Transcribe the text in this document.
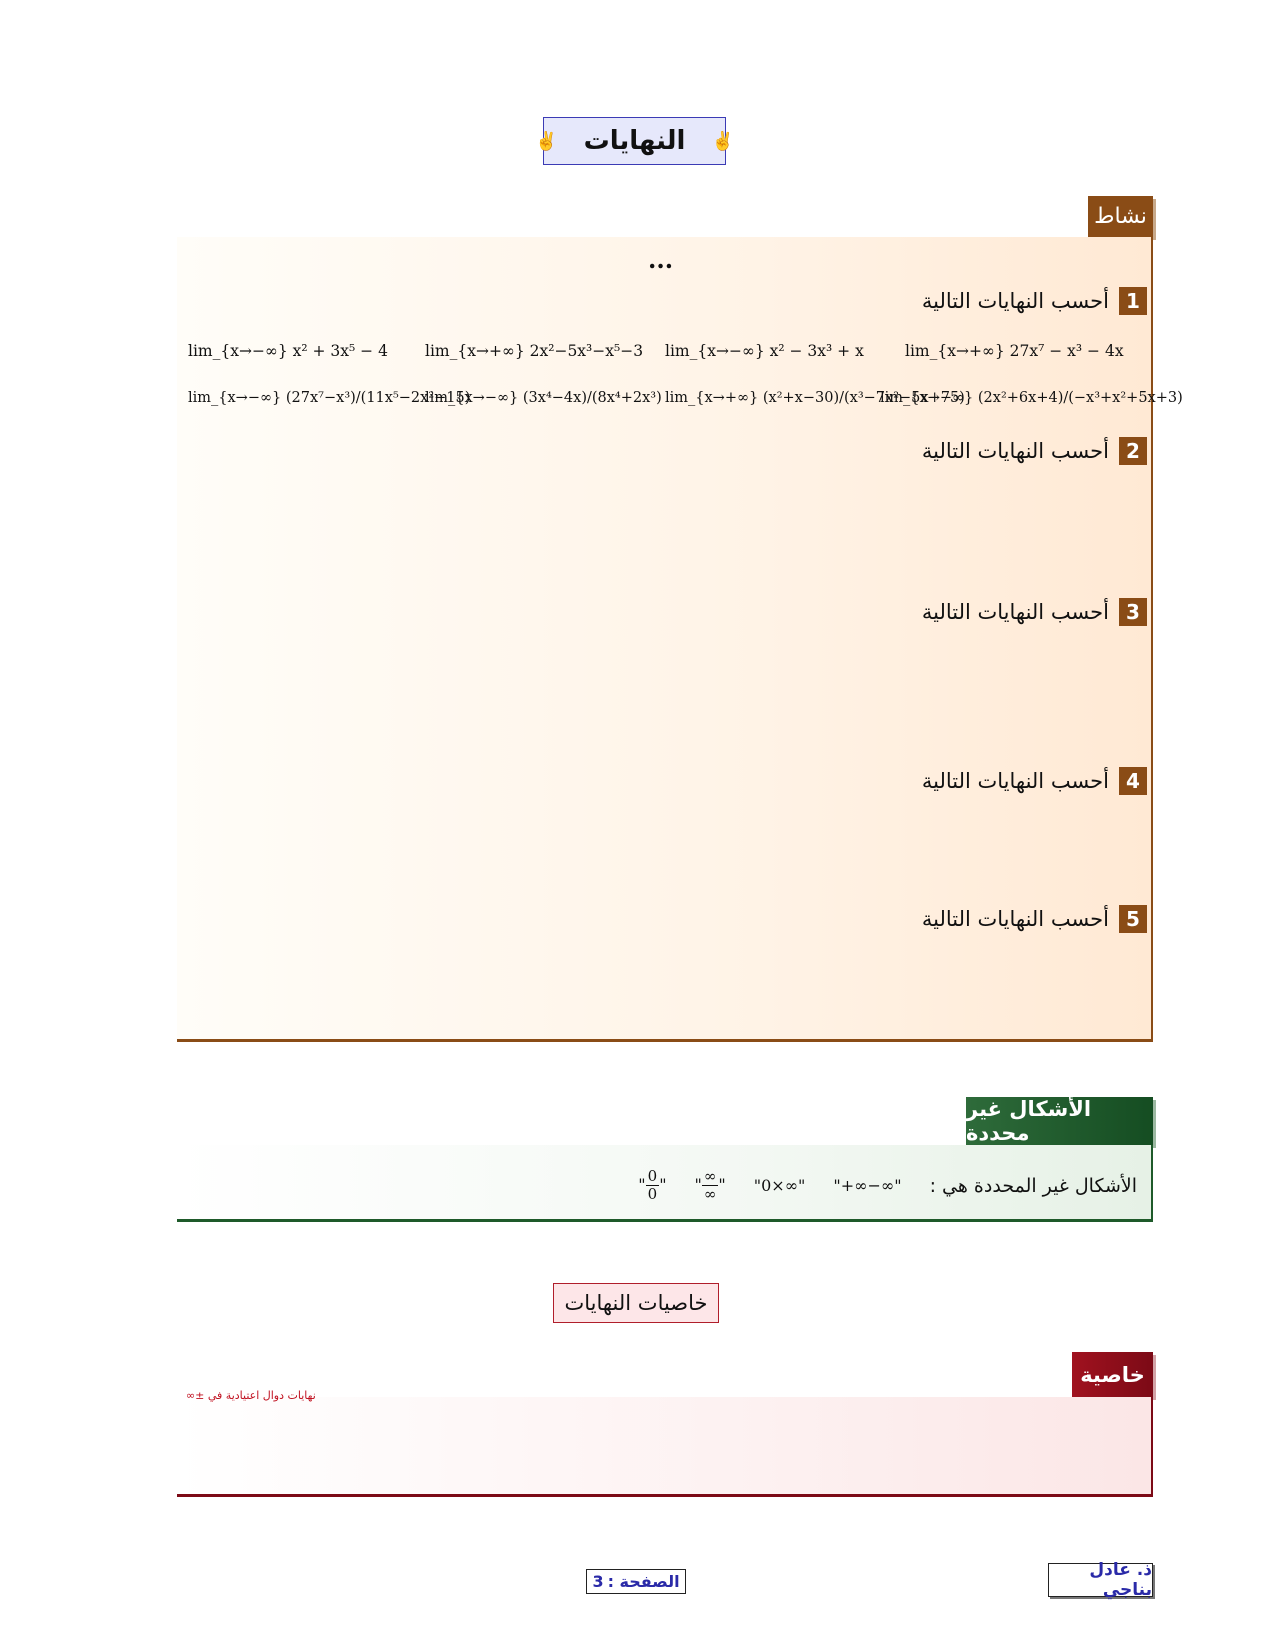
✌
النهايات
✌
نشاط
...
1
أحسب النهايات التالية
2
أحسب النهايات التالية
3
أحسب النهايات التالية
4
أحسب النهايات التالية
5
أحسب النهايات التالية
lim_{x→+∞} 27x⁷ − x³ − 4x
lim_{x→−∞} x² − 3x³ + x
lim_{x→+∞} 2x²−5x³−x⁵−3
lim_{x→−∞} x² + 3x⁵ − 4
lim_{x→−∞} (2x²+6x+4)/(−x³+x²+5x+3)
lim_{x→+∞} (x²+x−30)/(x³−7x²−5x+75)
lim_{x→−∞} (3x⁴−4x)/(8x⁴+2x³)
lim_{x→−∞} (27x⁷−x³)/(11x⁵−2x²−15)
الأشكال غير محددة
الأشكال غير المحددة هي :
"+∞−∞"
"0×∞"
" ∞
∞ "
" $\frac{0}{0}$ "
خاصيات النهايات
خاصية
نهايات دوال اعتيادية في ±∞
الصفحة :
3
ذ. عادل بناجي
